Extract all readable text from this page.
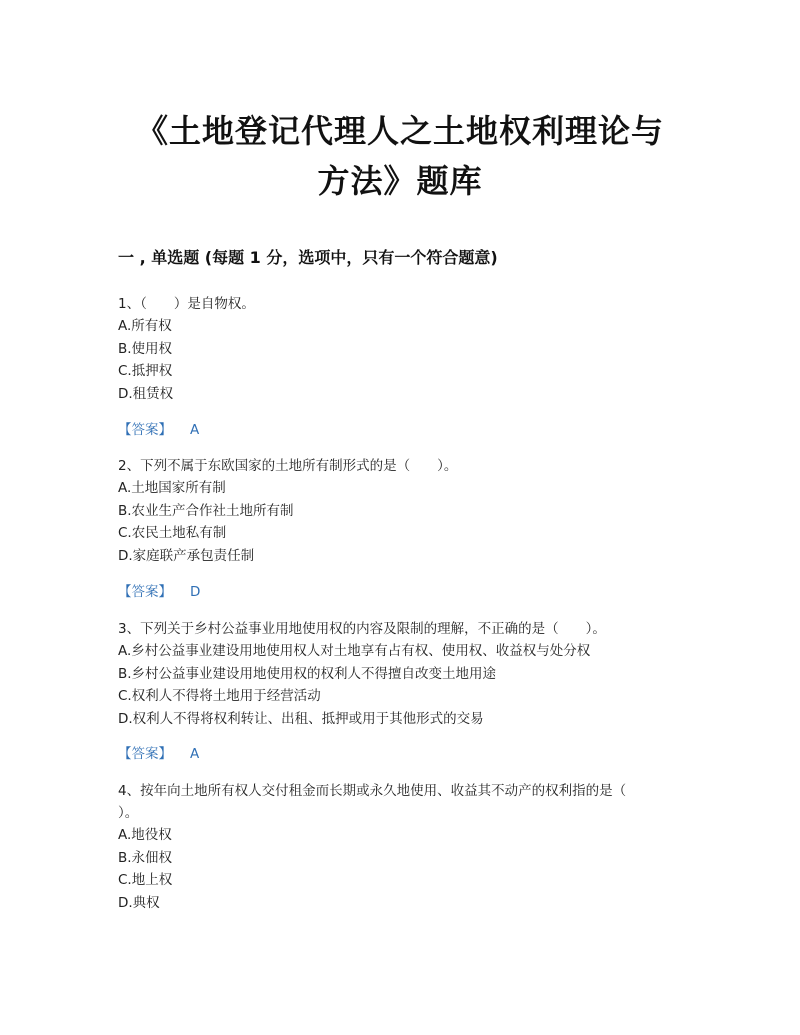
《土地登记代理人之土地权利理论与
方法》题库
一 , 单选题 (每题 1 分，选项中，只有一个符合题意)

1、（　　）是自物权。

A.所有权

B.使用权

C.抵押权

D.租赁权

【答案】 A

2、下列不属于东欧国家的土地所有制形式的是（　　）。

A.土地国家所有制

B.农业生产合作社土地所有制

C.农民土地私有制

D.家庭联产承包责任制

【答案】 D

3、下列关于乡村公益事业用地使用权的内容及限制的理解，不正确的是（　　）。

A.乡村公益事业建设用地使用权人对土地享有占有权、使用权、收益权与处分权

B.乡村公益事业建设用地使用权的权利人不得擅自改变土地用途

C.权利人不得将土地用于经营活动

D.权利人不得将权利转让、出租、抵押或用于其他形式的交易

【答案】 A

4、按年向土地所有权人交付租金而长期或永久地使用、收益其不动产的权利指的是（

）。

A.地役权

B.永佃权

C.地上权

D.典权
